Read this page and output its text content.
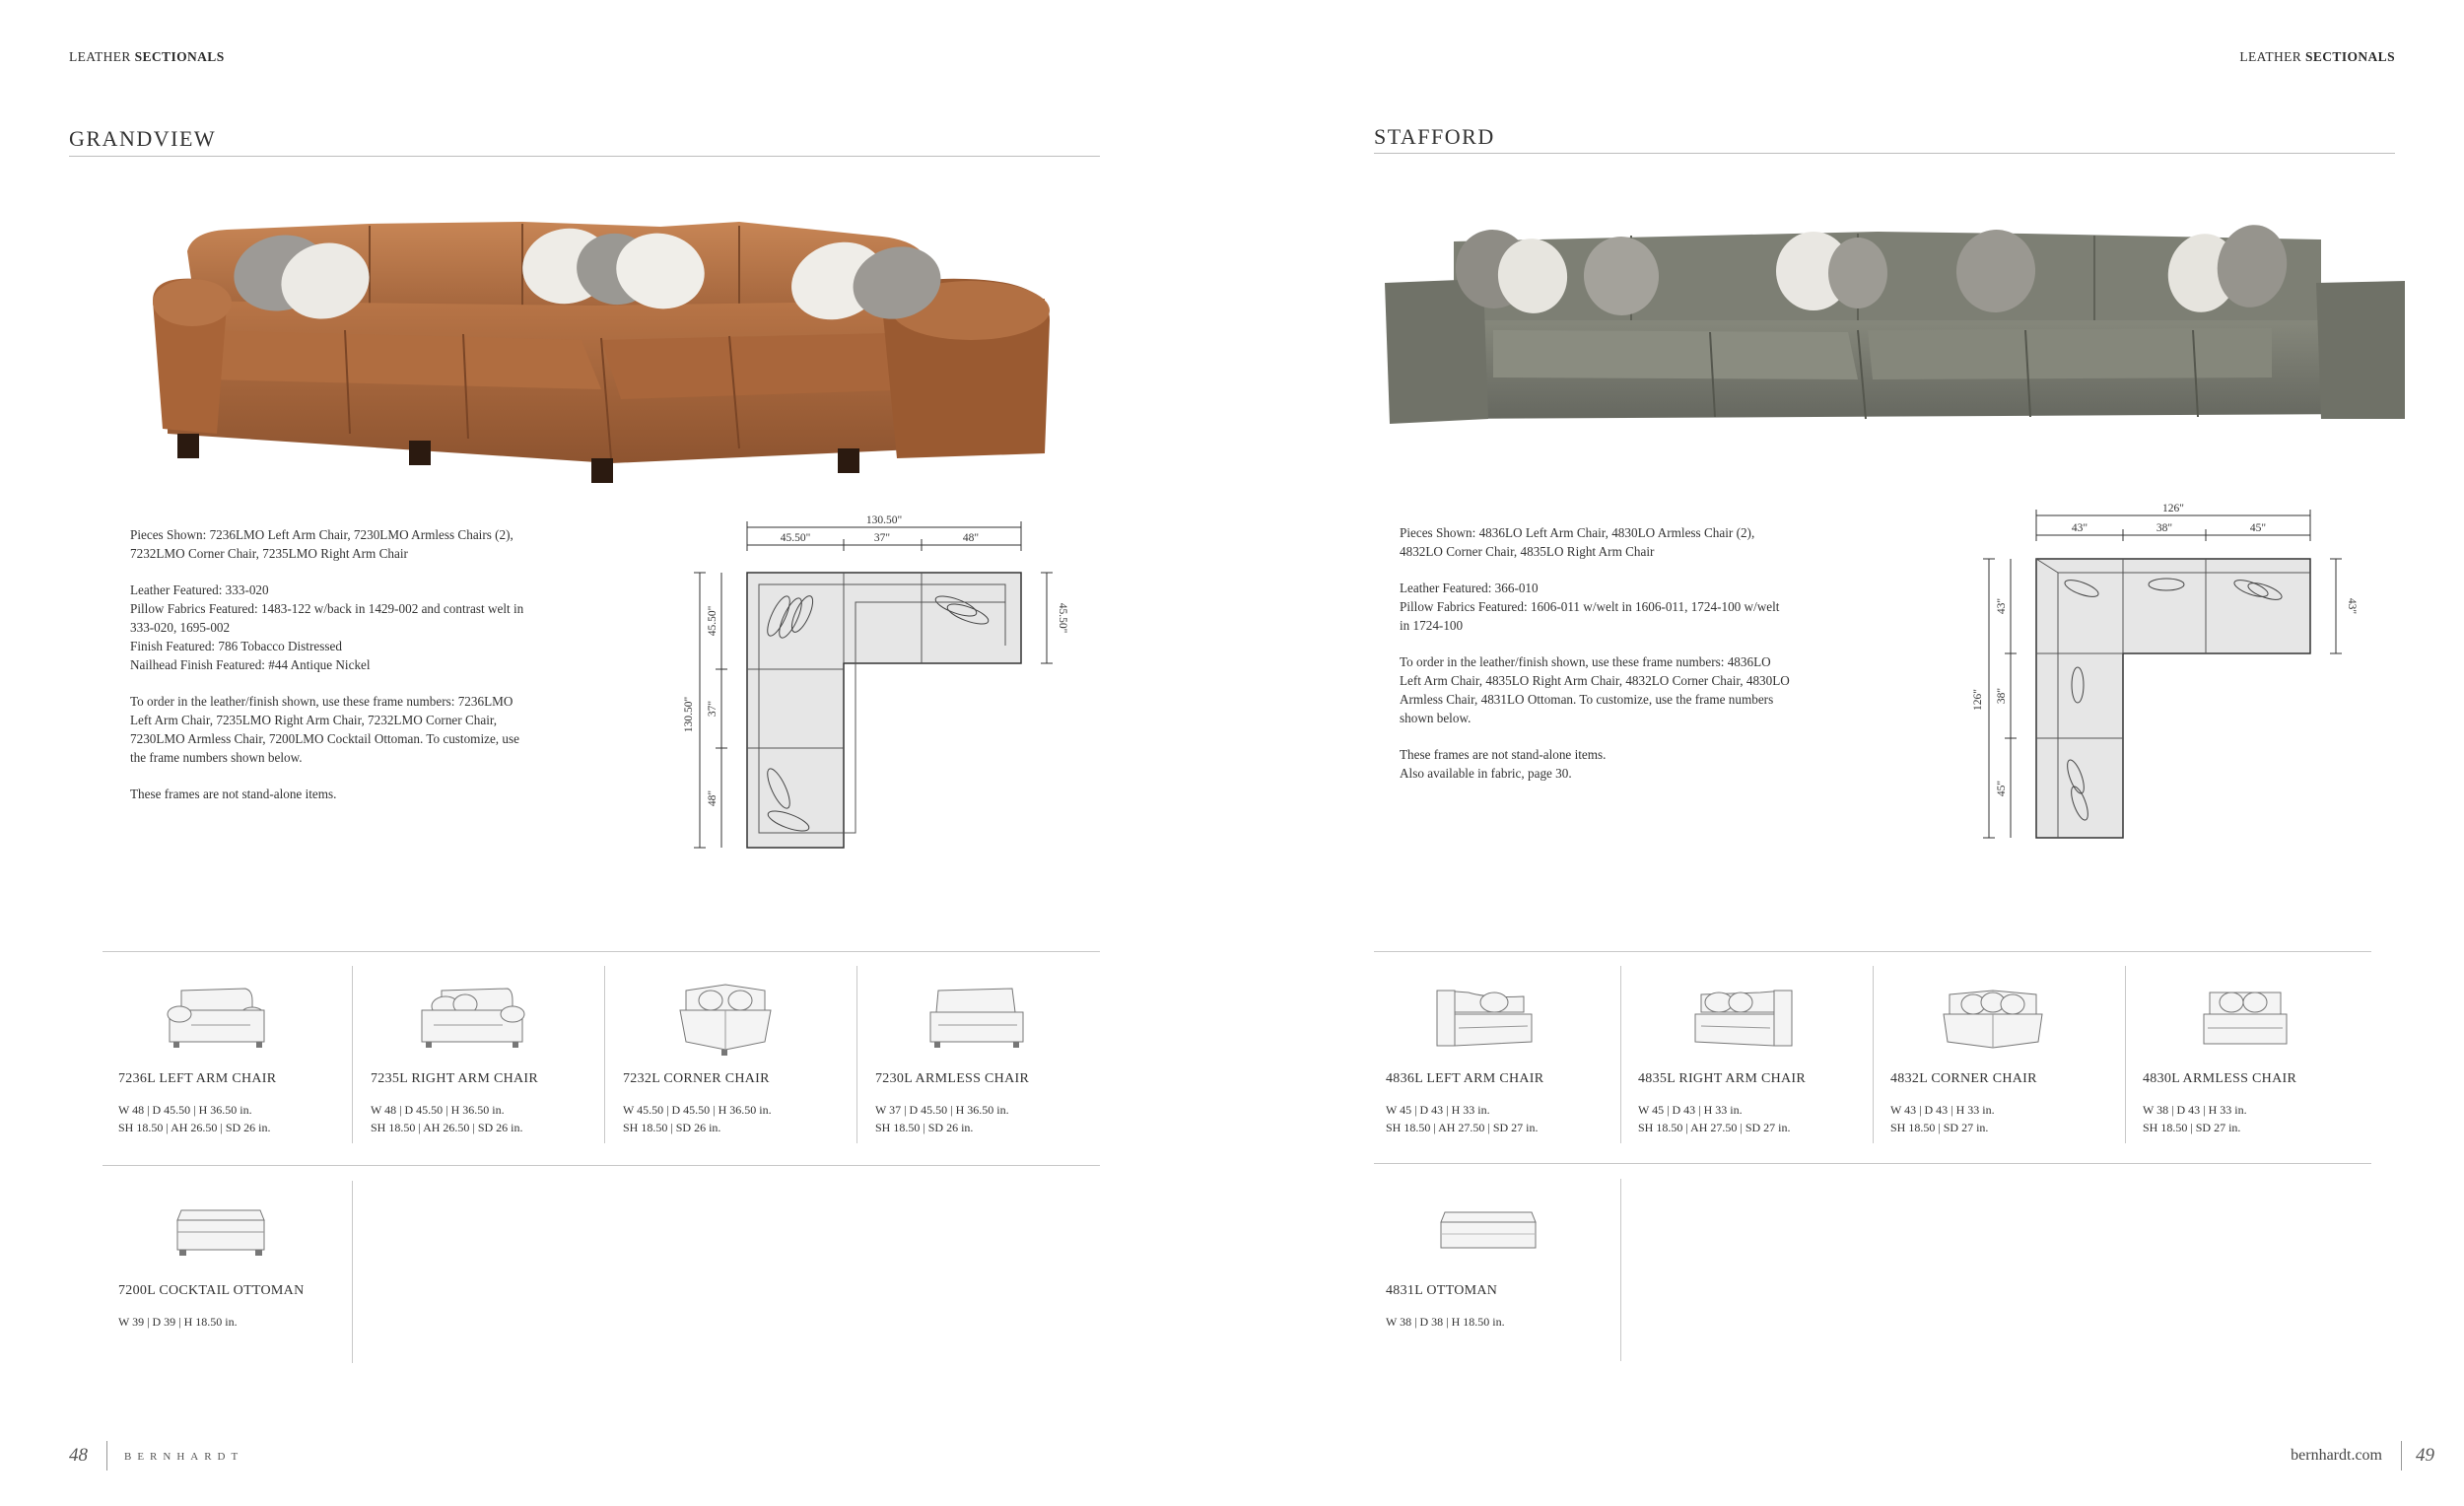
LEATHER SECTIONALS
GRANDVIEW

Pieces Shown: 7236LMO Left Arm Chair, 7230LMO Armless Chairs (2),
7232LMO Corner Chair, 7235LMO Right Arm Chair

Leather Featured: 333-020
Pillow Fabrics Featured: 1483-122 w/back in 1429-002 and contrast welt in
333-020, 1695-002
Finish Featured: 786 Tobacco Distressed
Nailhead Finish Featured: #44 Antique Nickel

To order in the leather/finish shown, use these frame numbers: 7236LMO
Left Arm Chair, 7235LMO Right Arm Chair, 7232LMO Corner Chair,
7230LMO Armless Chair, 7200LMO Cocktail Ottoman. To customize, use
the frame numbers shown below.

These frames are not stand-alone items.

130.50"
45.50"	37"	48"
45.50"
130.50"
45.50"
37"
48"
7236L LEFT ARM CHAIR
W 48 | D 45.50 | H 36.50 in.
SH 18.50 | AH 26.50 | SD 26 in.
7235L RIGHT ARM CHAIR
W 48 | D 45.50 | H 36.50 in.
SH 18.50 | AH 26.50 | SD 26 in.
7232L CORNER CHAIR
W 45.50 | D 45.50 | H 36.50 in.
SH 18.50 | SD 26 in.
7230L ARMLESS CHAIR
W 37 | D 45.50 | H 36.50 in.
SH 18.50 | SD 26 in.
7200L COCKTAIL OTTOMAN
W 39 | D 39 | H 18.50 in.
48	BERNHARDT
LEATHER SECTIONALS
STAFFORD

Pieces Shown: 4836LO Left Arm Chair, 4830LO Armless Chair (2),
4832LO Corner Chair, 4835LO Right Arm Chair

Leather Featured: 366-010
Pillow Fabrics Featured: 1606-011 w/welt in 1606-011, 1724-100 w/welt
in 1724-100

To order in the leather/finish shown, use these frame numbers: 4836LO
Left Arm Chair, 4835LO Right Arm Chair, 4832LO Corner Chair, 4830LO
Armless Chair, 4831LO Ottoman. To customize, use the frame numbers
shown below.

These frames are not stand-alone items.
Also available in fabric, page 30.

126"
43"	38"	45"
43"
126"
43"
38"
45"
4836L LEFT ARM CHAIR
W 45 | D 43 | H 33 in.
SH 18.50 | AH 27.50 | SD 27 in.
4835L RIGHT ARM CHAIR
W 45 | D 43 | H 33 in.
SH 18.50 | AH 27.50 | SD 27 in.
4832L CORNER CHAIR
W 43 | D 43 | H 33 in.
SH 18.50 | SD 27 in.
4830L ARMLESS CHAIR
W 38 | D 43 | H 33 in.
SH 18.50 | SD 27 in.
4831L OTTOMAN
W 38 | D 38 | H 18.50 in.
bernhardt.com 49
